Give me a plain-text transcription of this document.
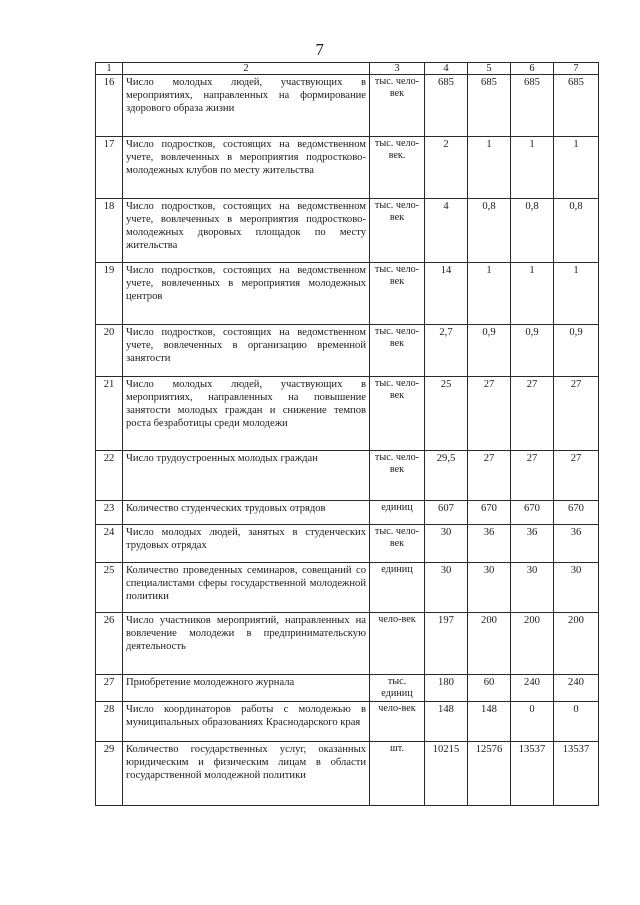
7
1	2	3	4	5	6	7
16	Число молодых людей, участвующих в мероприятиях, направленных на формирование здорового образа жизни	тыс. чело-век	685	685	685	685
17	Число подростков, состоящих на ведомственном учете, вовлеченных в мероприятия подростково-молодежных клубов по месту жительства	тыс. чело-век.	2	1	1	1
18	Число подростков, состоящих на ведомственном учете, вовлеченных в мероприятия подростково-молодежных дворовых площадок по месту жительства	тыс. чело-век	4	0,8	0,8	0,8
19	Число подростков, состоящих на ведомственном учете, вовлеченных в мероприятия молодежных центров	тыс. чело-век	14	1	1	1
20	Число подростков, состоящих на ведомственном учете, вовлеченных в организацию временной занятости	тыс. чело-век	2,7	0,9	0,9	0,9
21	Число молодых людей, участвующих в мероприятиях, направленных на повышение занятости молодых граждан и снижение темпов роста безработицы среди молодежи	тыс. чело-век	25	27	27	27
22	Число трудоустроенных молодых граждан	тыс. чело-век	29,5	27	27	27
23	Количество студенческих трудовых отрядов	единиц	607	670	670	670
24	Число молодых людей, занятых в студенческих трудовых отрядах	тыс. чело-век	30	36	36	36
25	Количество проведенных семинаров, совещаний со специалистами сферы государственной молодежной политики	единиц	30	30	30	30
26	Число участников мероприятий, направленных на вовлечение молодежи в предпринимательскую деятельность	чело-век	197	200	200	200
27	Приобретение молодежного журнала	тыс. единиц	180	60	240	240
28	Число координаторов работы с молодежью в муниципальных образованиях Краснодарского края	чело-век	148	148	0	0
29	Количество государственных услуг, оказанных юридическим и физическим лицам в области государственной молодежной политики	шт.	10215	12576	13537	13537
